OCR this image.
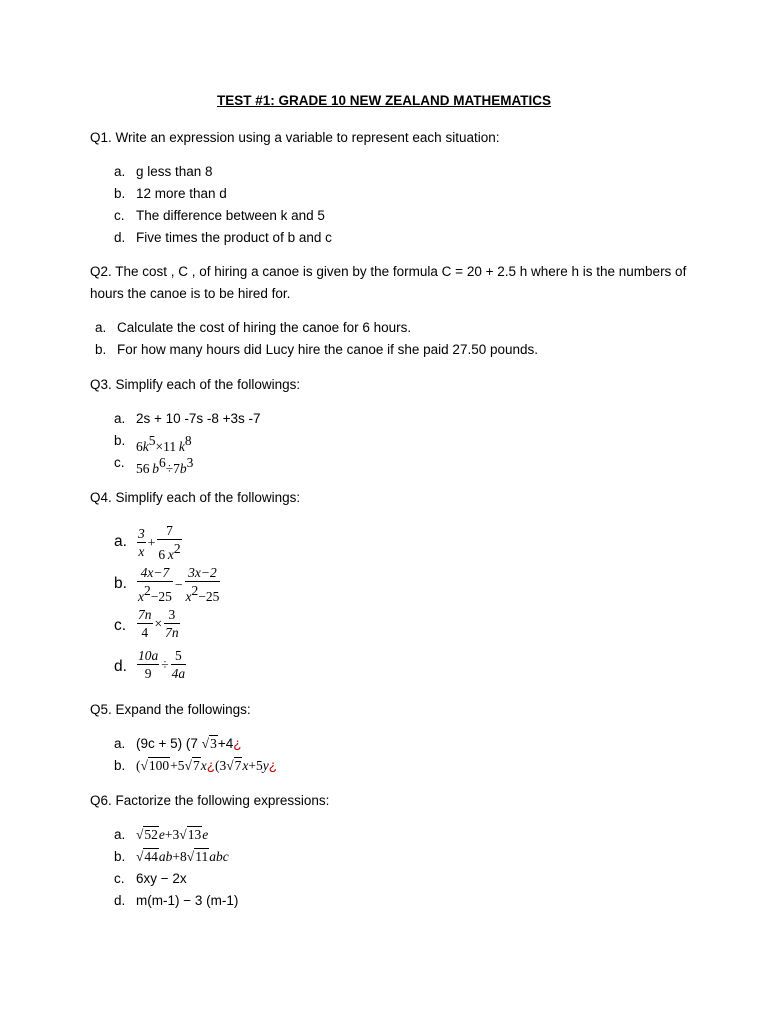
TEST #1: GRADE 10 NEW ZEALAND MATHEMATICS
Q1. Write an expression using a variable to represent each situation:
a. g less than 8
b. 12 more than d
c. The difference between k and 5
d. Five times the product of b and c
Q2. The cost , C , of hiring a canoe is given by the formula C = 20 + 2.5 h where h is the numbers of hours the canoe is to be hired for.
a. Calculate the cost of hiring the canoe for 6 hours.
b. For how many hours did Lucy hire the canoe if she paid 27.50 pounds.
Q3. Simplify each of the followings:
a. 2s + 10 -7s -8 +3s -7
b. $6k^5\times 11$  $k^8$
c. 56  $b^6\div 7b^3$
Q4. Simplify each of the followings:
a. $\frac{3}{x} + \frac{7}{6 x^2}$
b. $\frac{4x-7}{x^2-25} - \frac{3x-2}{x^2-25}$
c. $\frac{7n}{4} \times \frac{3}{7n}$
d. $\frac{10a}{9} \div \frac{5}{4a}$
Q5. Expand the followings:
a. (9c + 5) (7 √3+4¿
b. (√100+5√7x¿(3√7x+5y¿
Q6. Factorize the following expressions:
a. √52e+3√13e
b. √44ab+8√11abc
c. 6xy − 2x
d. m(m-1) − 3 (m-1)
